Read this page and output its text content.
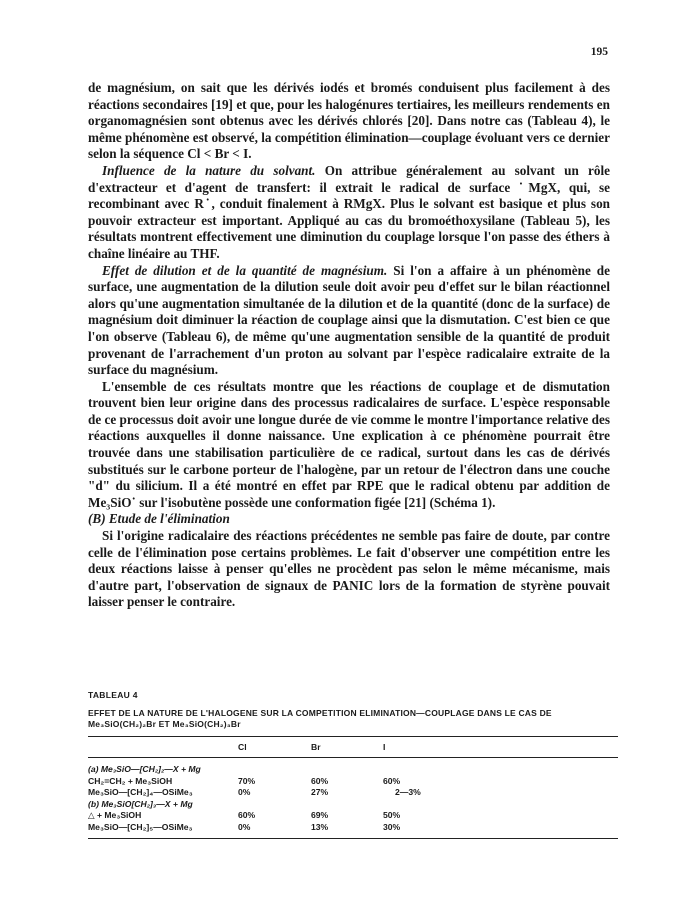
195

de magnésium, on sait que les dérivés iodés et bromés conduisent plus facilement à des réactions secondaires [19] et que, pour les halogénures tertiaires, les meilleurs rendements en organomagnésien sont obtenus avec les dérivés chlorés [20]. Dans notre cas (Tableau 4), le même phénomène est observé, la compétition élimination—couplage évoluant vers ce dernier selon la séquence Cl < Br < I.

Influence de la nature du solvant. On attribue généralement au solvant un rôle d'extracteur et d'agent de transfert: il extrait le radical de surface ˙MgX, qui, se recombinant avec R˙, conduit finalement à RMgX. Plus le solvant est basique et plus son pouvoir extracteur est important. Appliqué au cas du bromoéthoxysilane (Tableau 5), les résultats montrent effectivement une diminution du couplage lorsque l'on passe des éthers à chaîne linéaire au THF.

Effet de dilution et de la quantité de magnésium. Si l'on a affaire à un phénomène de surface, une augmentation de la dilution seule doit avoir peu d'effet sur le bilan réactionnel alors qu'une augmentation simultanée de la dilution et de la quantité (donc de la surface) de magnésium doit diminuer la réaction de couplage ainsi que la dismutation. C'est bien ce que l'on observe (Tableau 6), de même qu'une augmentation sensible de la quantité de produit provenant de l'arrachement d'un proton au solvant par l'espèce radicalaire extraite de la surface du magnésium.

L'ensemble de ces résultats montre que les réactions de couplage et de dismutation trouvent bien leur origine dans des processus radicalaires de surface. L'espèce responsable de ce processus doit avoir une longue durée de vie comme le montre l'importance relative des réactions auxquelles il donne naissance. Une explication à ce phénomène pourrait être trouvée dans une stabilisation particulière de ce radical, surtout dans les cas de dérivés substitués sur le carbone porteur de l'halogène, par un retour de l'électron dans une couche "d" du silicium. Il a été montré en effet par RPE que le radical obtenu par addition de Me₃SiO˙ sur l'isobutène possède une conformation figée [21] (Schéma 1).

(B) Etude de l'élimination

Si l'origine radicalaire des réactions précédentes ne semble pas faire de doute, par contre celle de l'élimination pose certains problèmes. Le fait d'observer une compétition entre les deux réactions laisse à penser qu'elles ne procèdent pas selon le même mécanisme, mais d'autre part, l'observation de signaux de PANIC lors de la formation de styrène pouvait laisser penser le contraire.

TABLEAU 4
EFFET DE LA NATURE DE L'HALOGENE SUR LA COMPETITION ELIMINATION—COUPLAGE DANS LE CAS DE Me₃SiO(CH₂)₂Br ET Me₃SiO(CH₂)₃Br
	Cl	Br	I
(a) Me₃SiO—[CH₂]₂—X + Mg			
CH₂=CH₂ + Me₃SiOH	70%	60%	60%
Me₃SiO—[CH₂]₄—OSiMe₃	0%	27%	2—3%
(b) Me₃SiO[CH₂]₃—X + Mg			
△ + Me₃SiOH	60%	69%	50%
Me₃SiO—[CH₂]₅—OSiMe₃	0%	13%	30%
